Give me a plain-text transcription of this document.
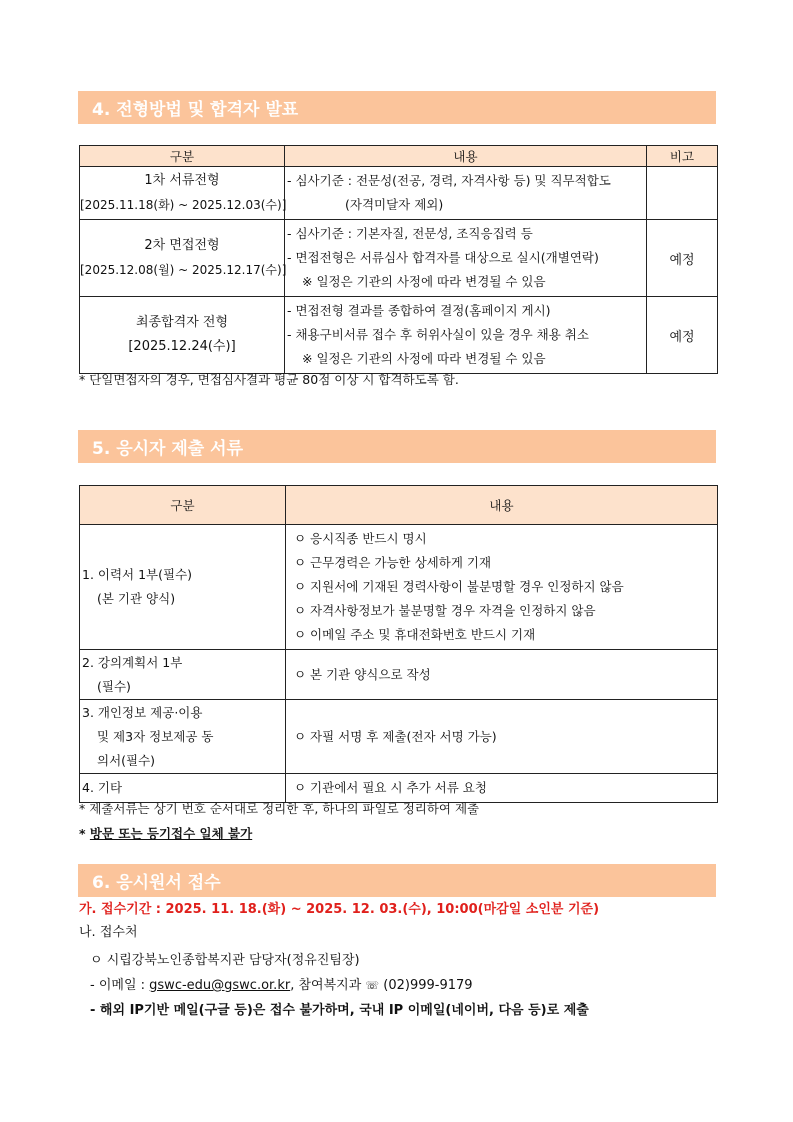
4. 전형방법 및 합격자 발표
구분	내용	비고

1차 서류전형
[2025.11.18(화) ~ 2025.12.03(수)]	- 심사기준 : 전문성(전공, 경력, 자격사항 등) 및 직무적합도
(자격미달자 제외)	

2차 면접전형
[2025.12.08(월) ~ 2025.12.17(수)]	- 심사기준 : 기본자질, 전문성, 조직응집력 등
- 면접전형은 서류심사 합격자를 대상으로 실시(개별연락)
※ 일정은 기관의 사정에 따라 변경될 수 있음	예정

최종합격자 전형
[2025.12.24(수)]	- 면접전형 결과를 종합하여 결정(홈페이지 게시)
- 채용구비서류 접수 후 허위사실이 있을 경우 채용 취소
※ 일정은 기관의 사정에 따라 변경될 수 있음	예정
* 단일면접자의 경우, 면접심사결과 평균 80점 이상 시 합격하도록 함.
5. 응시자 제출 서류
구분	내용

1. 이력서 1부(필수)
(본 기관 양식)	ㅇ 응시직종 반드시 명시
ㅇ 근무경력은 가능한 상세하게 기재
ㅇ 지원서에 기재된 경력사항이 불분명할 경우 인정하지 않음
ㅇ 자격사항정보가 불분명할 경우 자격을 인정하지 않음
ㅇ 이메일 주소 및 휴대전화번호 반드시 기재

2. 강의계획서 1부
(필수)	ㅇ 본 기관 양식으로 작성

3. 개인정보 제공·이용
및 제3자 정보제공 동
의서(필수)	ㅇ 자필 서명 후 제출(전자 서명 가능)

4. 기타	ㅇ 기관에서 필요 시 추가 서류 요청
* 제출서류는 상기 번호 순서대로 정리한 후, 하나의 파일로 정리하여 제출
* 방문 또는 등기접수 일체 불가
6. 응시원서 접수
가. 접수기간 : 2025. 11. 18.(화) ~ 2025. 12. 03.(수), 10:00(마감일 소인분 기준)
나. 접수처
ㅇ 시립강북노인종합복지관 담당자(정유진팀장)
- 이메일 : gswc-edu@gswc.or.kr, 참여복지과 ☏ (02)999-9179
- 해외 IP기반 메일(구글 등)은 접수 불가하며, 국내 IP 이메일(네이버, 다음 등)로 제출
